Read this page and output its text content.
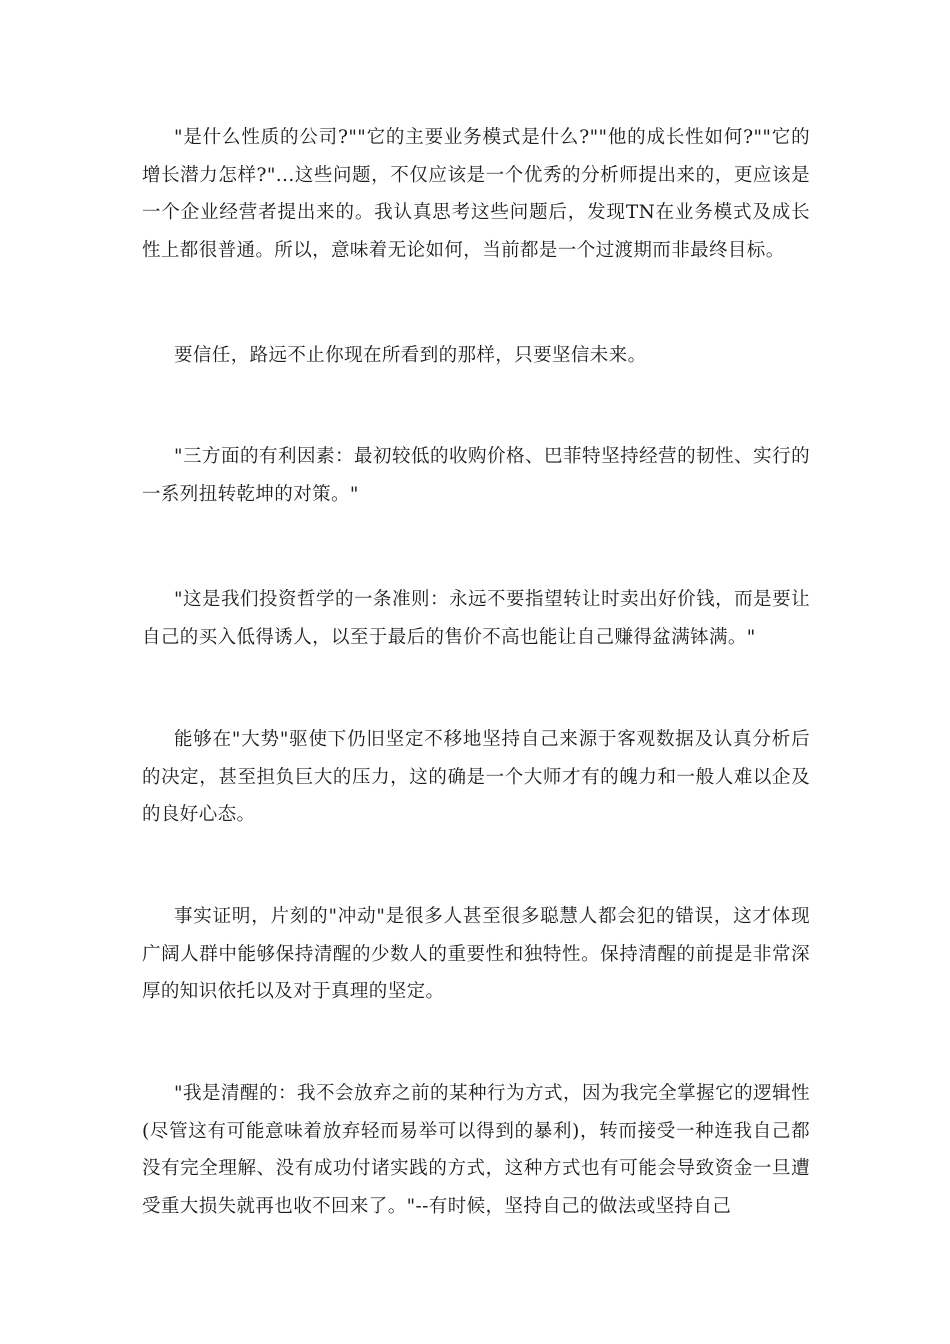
"是什么性质的公司?""它的主要业务模式是什么?""他的成长性如何?""它的增长潜力怎样?"...这些问题，不仅应该是一个优秀的分析师提出来的，更应该是一个企业经营者提出来的。我认真思考这些问题后，发现TN在业务模式及成长性上都很普通。所以，意味着无论如何，当前都是一个过渡期而非最终目标。

要信任，路远不止你现在所看到的那样，只要坚信未来。

"三方面的有利因素：最初较低的收购价格、巴菲特坚持经营的韧性、实行的一系列扭转乾坤的对策。"

"这是我们投资哲学的一条准则：永远不要指望转让时卖出好价钱，而是要让自己的买入低得诱人，以至于最后的售价不高也能让自己赚得盆满钵满。"

能够在"大势"驱使下仍旧坚定不移地坚持自己来源于客观数据及认真分析后的决定，甚至担负巨大的压力，这的确是一个大师才有的魄力和一般人难以企及的良好心态。

事实证明，片刻的"冲动"是很多人甚至很多聪慧人都会犯的错误，这才体现广阔人群中能够保持清醒的少数人的重要性和独特性。保持清醒的前提是非常深厚的知识依托以及对于真理的坚定。

"我是清醒的：我不会放弃之前的某种行为方式，因为我完全掌握它的逻辑性(尽管这有可能意味着放弃轻而易举可以得到的暴利)，转而接受一种连我自己都没有完全理解、没有成功付诸实践的方式，这种方式也有可能会导致资金一旦遭受重大损失就再也收不回来了。"--有时候，坚持自己的做法或坚持自己
